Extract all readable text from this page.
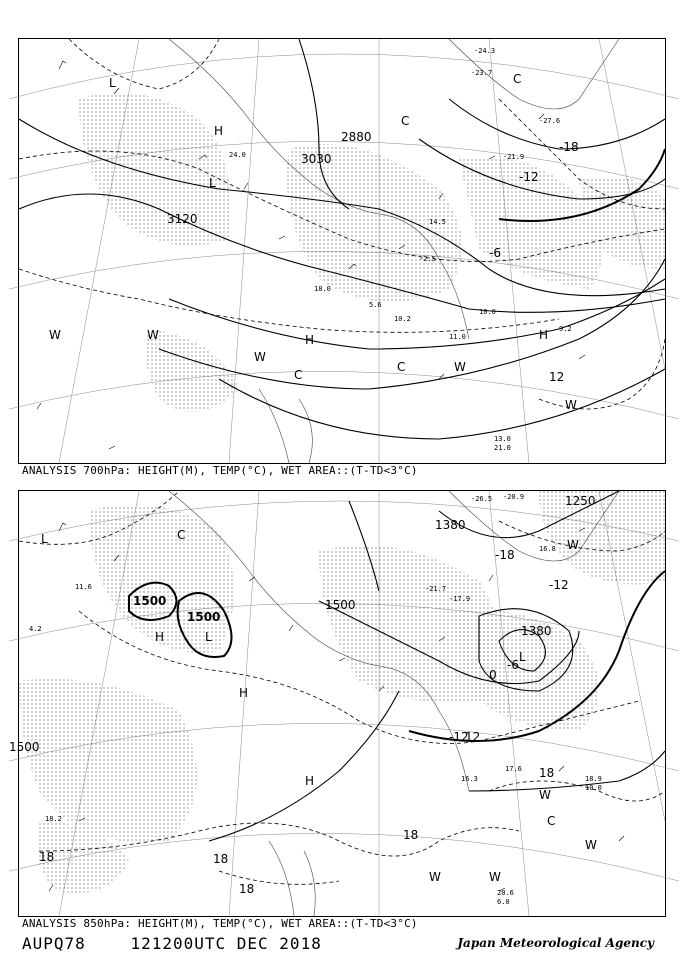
3120
3030
2880
L
H
L
H	H
W	W
W
W
C
C
C
C
W
-18
-12
-6
12
-24.3
-23.7
-21.9
14.5
10.0
9.2
11.0
13.0
21.0
-2.5
24.0
-27.6
18.0
5.6
10.2
ANALYSIS 700hPa: HEIGHT(M), TEMP(°C), WET AREA::(T-TD<3°C)
1500
1500
1500
1500
1380
1380
1250
L	C
H	L
H
H
L
C
W
W
W
W	W
-18
-12
-6
0
12
18
18
18
18
-12
18
-26.5 -20.9
17.6
16.3
20.6
6.0
18.9
10.0
-21.7
-17.9
16.8
11.6
4.2
18.2
ANALYSIS 850hPa: HEIGHT(M), TEMP(°C), WET AREA::(T-TD<3°C)
AUPQ78	121200UTC DEC 2018	Japan Meteorological Agency
